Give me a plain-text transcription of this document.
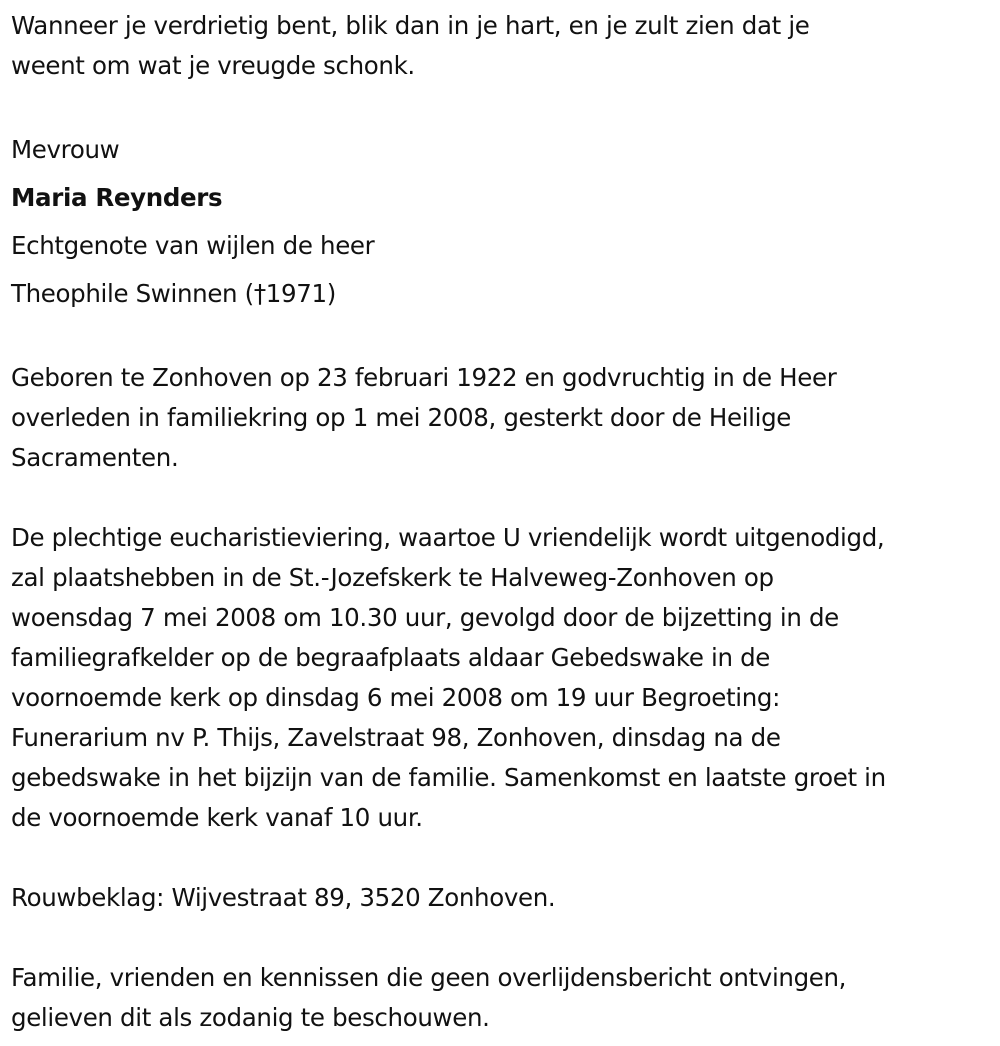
Wanneer je verdrietig bent, blik dan in je hart, en je zult zien dat je
weent om wat je vreugde schonk.

Mevrouw

Maria Reynders

Echtgenote van wijlen de heer

Theophile Swinnen (†1971)

Geboren te Zonhoven op 23 februari 1922 en godvruchtig in de Heer
overleden in familiekring op 1 mei 2008, gesterkt door de Heilige
Sacramenten.

De plechtige eucharistieviering, waartoe U vriendelijk wordt uitgenodigd,
zal plaatshebben in de St.-Jozefskerk te Halveweg-Zonhoven op
woensdag 7 mei 2008 om 10.30 uur, gevolgd door de bijzetting in de
familiegrafkelder op de begraafplaats aldaar Gebedswake in de
voornoemde kerk op dinsdag 6 mei 2008 om 19 uur Begroeting:
Funerarium nv P. Thijs, Zavelstraat 98, Zonhoven, dinsdag na de
gebedswake in het bijzijn van de familie. Samenkomst en laatste groet in
de voornoemde kerk vanaf 10 uur.

Rouwbeklag: Wijvestraat 89, 3520 Zonhoven.

Familie, vrienden en kennissen die geen overlijdensbericht ontvingen,
gelieven dit als zodanig te beschouwen.
